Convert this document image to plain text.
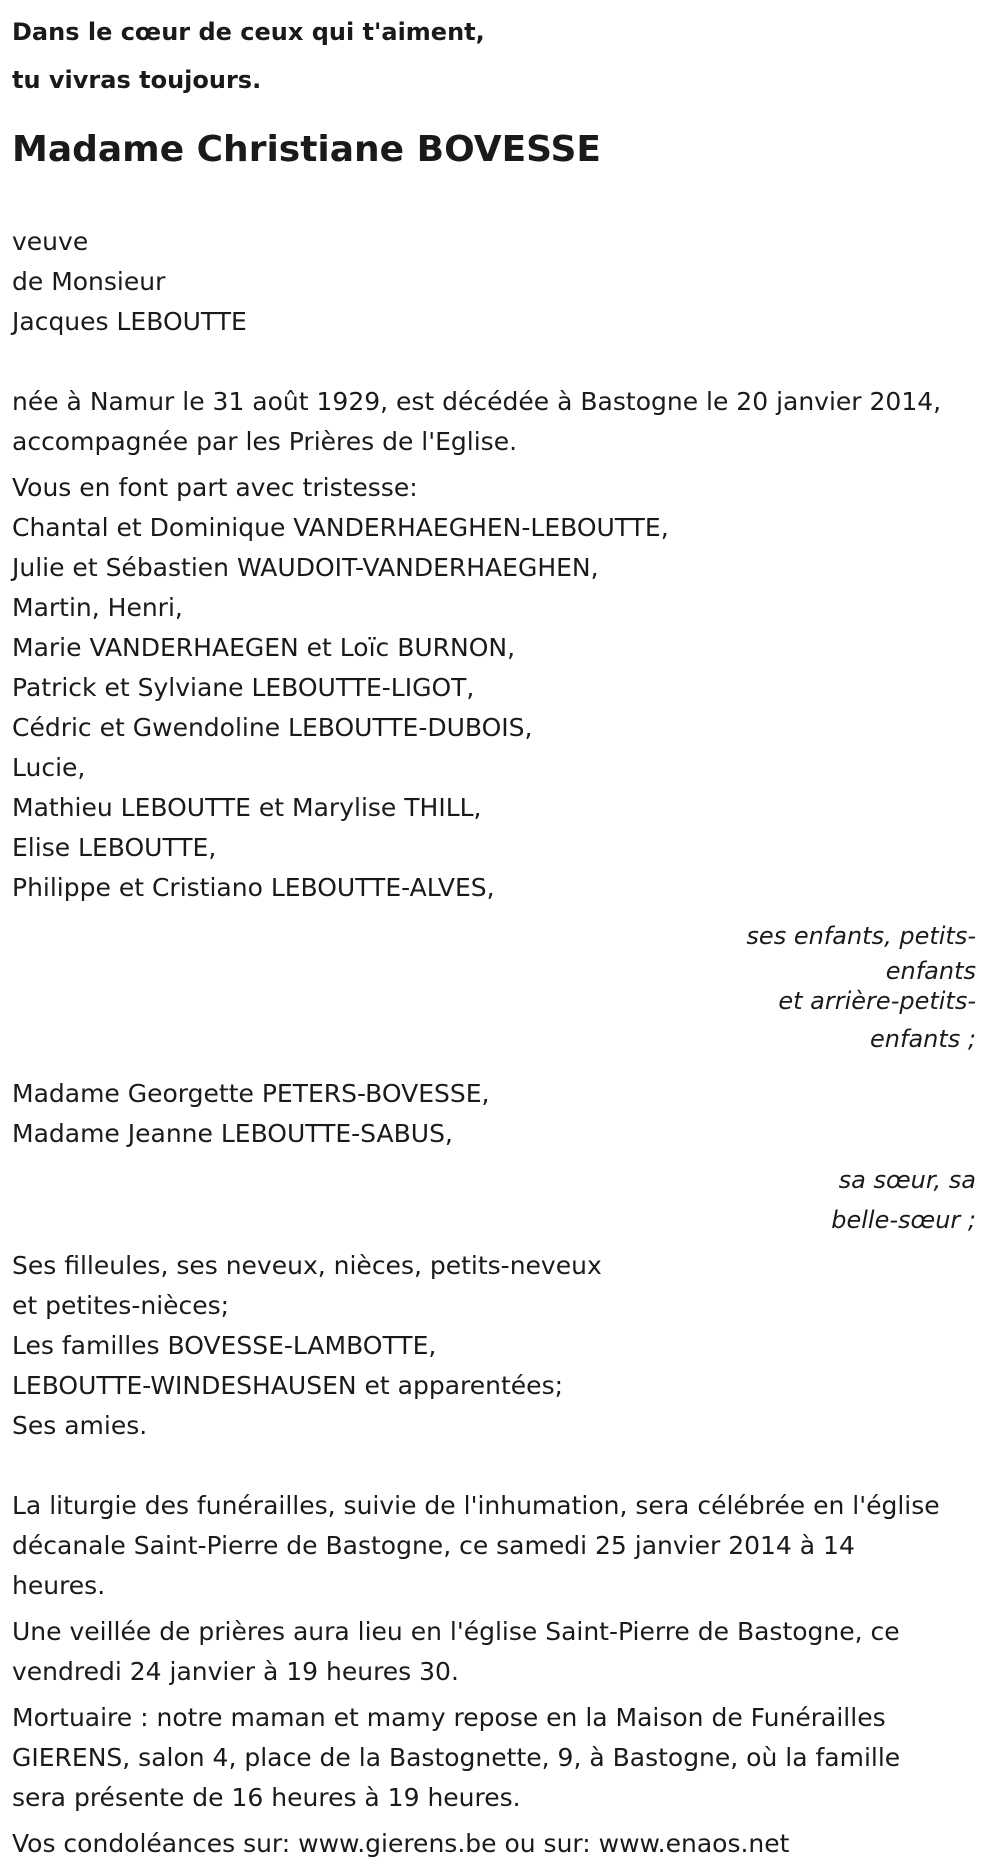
Dans le cœur de ceux qui t'aiment,
tu vivras toujours.
Madame Christiane BOVESSE
veuve
de Monsieur
Jacques LEBOUTTE
née à Namur le 31 août 1929, est décédée à Bastogne le 20 janvier 2014,
accompagnée par les Prières de l'Eglise.
Vous en font part avec tristesse:
Chantal et Dominique VANDERHAEGHEN-LEBOUTTE,
Julie et Sébastien WAUDOIT-VANDERHAEGHEN,
Martin, Henri,
Marie VANDERHAEGEN et Loïc BURNON,
Patrick et Sylviane LEBOUTTE-LIGOT,
Cédric et Gwendoline LEBOUTTE-DUBOIS,
Lucie,
Mathieu LEBOUTTE et Marylise THILL,
Elise LEBOUTTE,
Philippe et Cristiano LEBOUTTE-ALVES,
ses enfants, petits-
enfants
et arrière-petits-
enfants ;
Madame Georgette PETERS-BOVESSE,
Madame Jeanne LEBOUTTE-SABUS,
sa sœur, sa
belle-sœur ;
Ses filleules, ses neveux, nièces, petits-neveux
et petites-nièces;
Les familles BOVESSE-LAMBOTTE,
LEBOUTTE-WINDESHAUSEN et apparentées;
Ses amies.
La liturgie des funérailles, suivie de l'inhumation, sera célébrée en l'église
décanale Saint-Pierre de Bastogne, ce samedi 25 janvier 2014 à 14
heures.
Une veillée de prières aura lieu en l'église Saint-Pierre de Bastogne, ce
vendredi 24 janvier à 19 heures 30.
Mortuaire : notre maman et mamy repose en la Maison de Funérailles
GIERENS, salon 4, place de la Bastognette, 9, à Bastogne, où la famille
sera présente de 16 heures à 19 heures.
Vos condoléances sur: www.gierens.be ou sur: www.enaos.net
